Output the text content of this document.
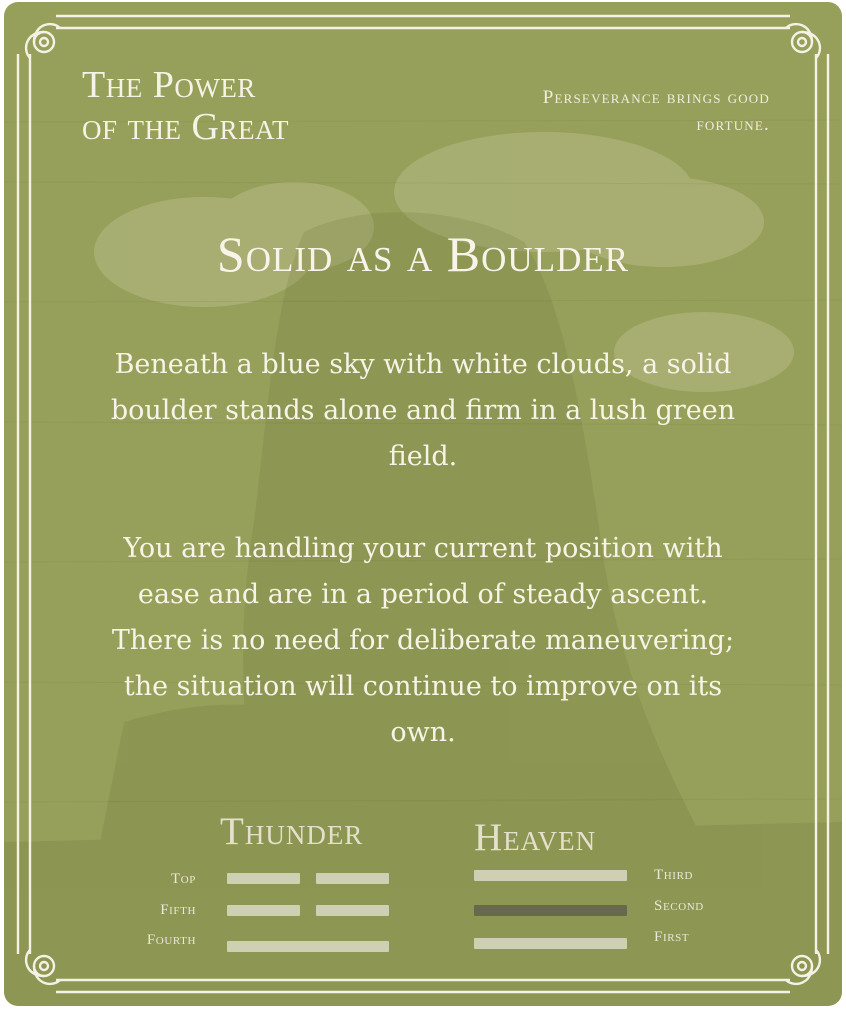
The Power
of the Great
Perseverance brings good
fortune.
Solid as a Boulder

Beneath a blue sky with white clouds, a solid boulder stands alone and firm in a lush green field.

You are handling your current position with ease and are in a period of steady ascent. There is no need for deliberate maneuvering; the situation will continue to improve on its own.

Thunder
Top
Fifth
Fourth
Heaven
Third
Second
First
